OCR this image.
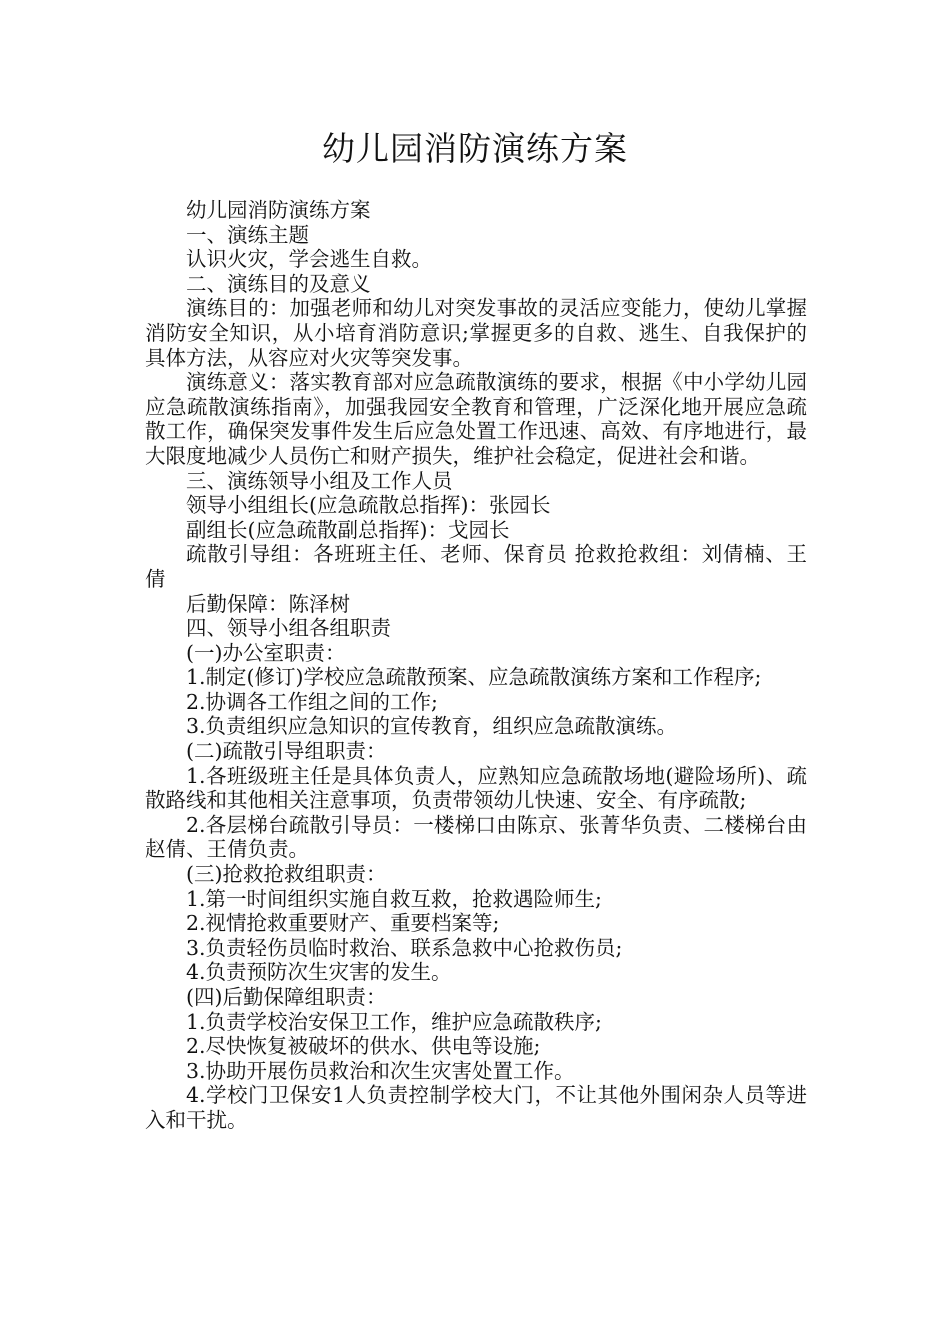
幼儿园消防演练方案

幼儿园消防演练方案

一、演练主题

认识火灾，学会逃生自救。

二、演练目的及意义

演练目的：加强老师和幼儿对突发事故的灵活应变能力，使幼儿掌握消防安全知识，从小培育消防意识;掌握更多的自救、逃生、自我保护的具体方法，从容应对火灾等突发事。

演练意义：落实教育部对应急疏散演练的要求，根据《中小学幼儿园应急疏散演练指南》，加强我园安全教育和管理，广泛深化地开展应急疏散工作，确保突发事件发生后应急处置工作迅速、高效、有序地进行，最大限度地减少人员伤亡和财产损失，维护社会稳定，促进社会和谐。

三、演练领导小组及工作人员

领导小组组长(应急疏散总指挥)：张园长

副组长(应急疏散副总指挥)：戈园长

疏散引导组：各班班主任、老师、保育员 抢救抢救组：刘倩楠、王倩

后勤保障：陈泽树

四、领导小组各组职责

(一)办公室职责：

1.制定(修订)学校应急疏散预案、应急疏散演练方案和工作程序;

2.协调各工作组之间的工作;

3.负责组织应急知识的宣传教育，组织应急疏散演练。

(二)疏散引导组职责：

1.各班级班主任是具体负责人，应熟知应急疏散场地(避险场所)、疏散路线和其他相关注意事项，负责带领幼儿快速、安全、有序疏散;

2.各层梯台疏散引导员：一楼梯口由陈京、张菁华负责、二楼梯台由赵倩、王倩负责。

(三)抢救抢救组职责：

1.第一时间组织实施自救互救，抢救遇险师生;

2.视情抢救重要财产、重要档案等;

3.负责轻伤员临时救治、联系急救中心抢救伤员;

4.负责预防次生灾害的发生。

(四)后勤保障组职责：

1.负责学校治安保卫工作，维护应急疏散秩序;

2.尽快恢复被破坏的供水、供电等设施;

3.协助开展伤员救治和次生灾害处置工作。

4.学校门卫保安1人负责控制学校大门，不让其他外围闲杂人员等进入和干扰。
